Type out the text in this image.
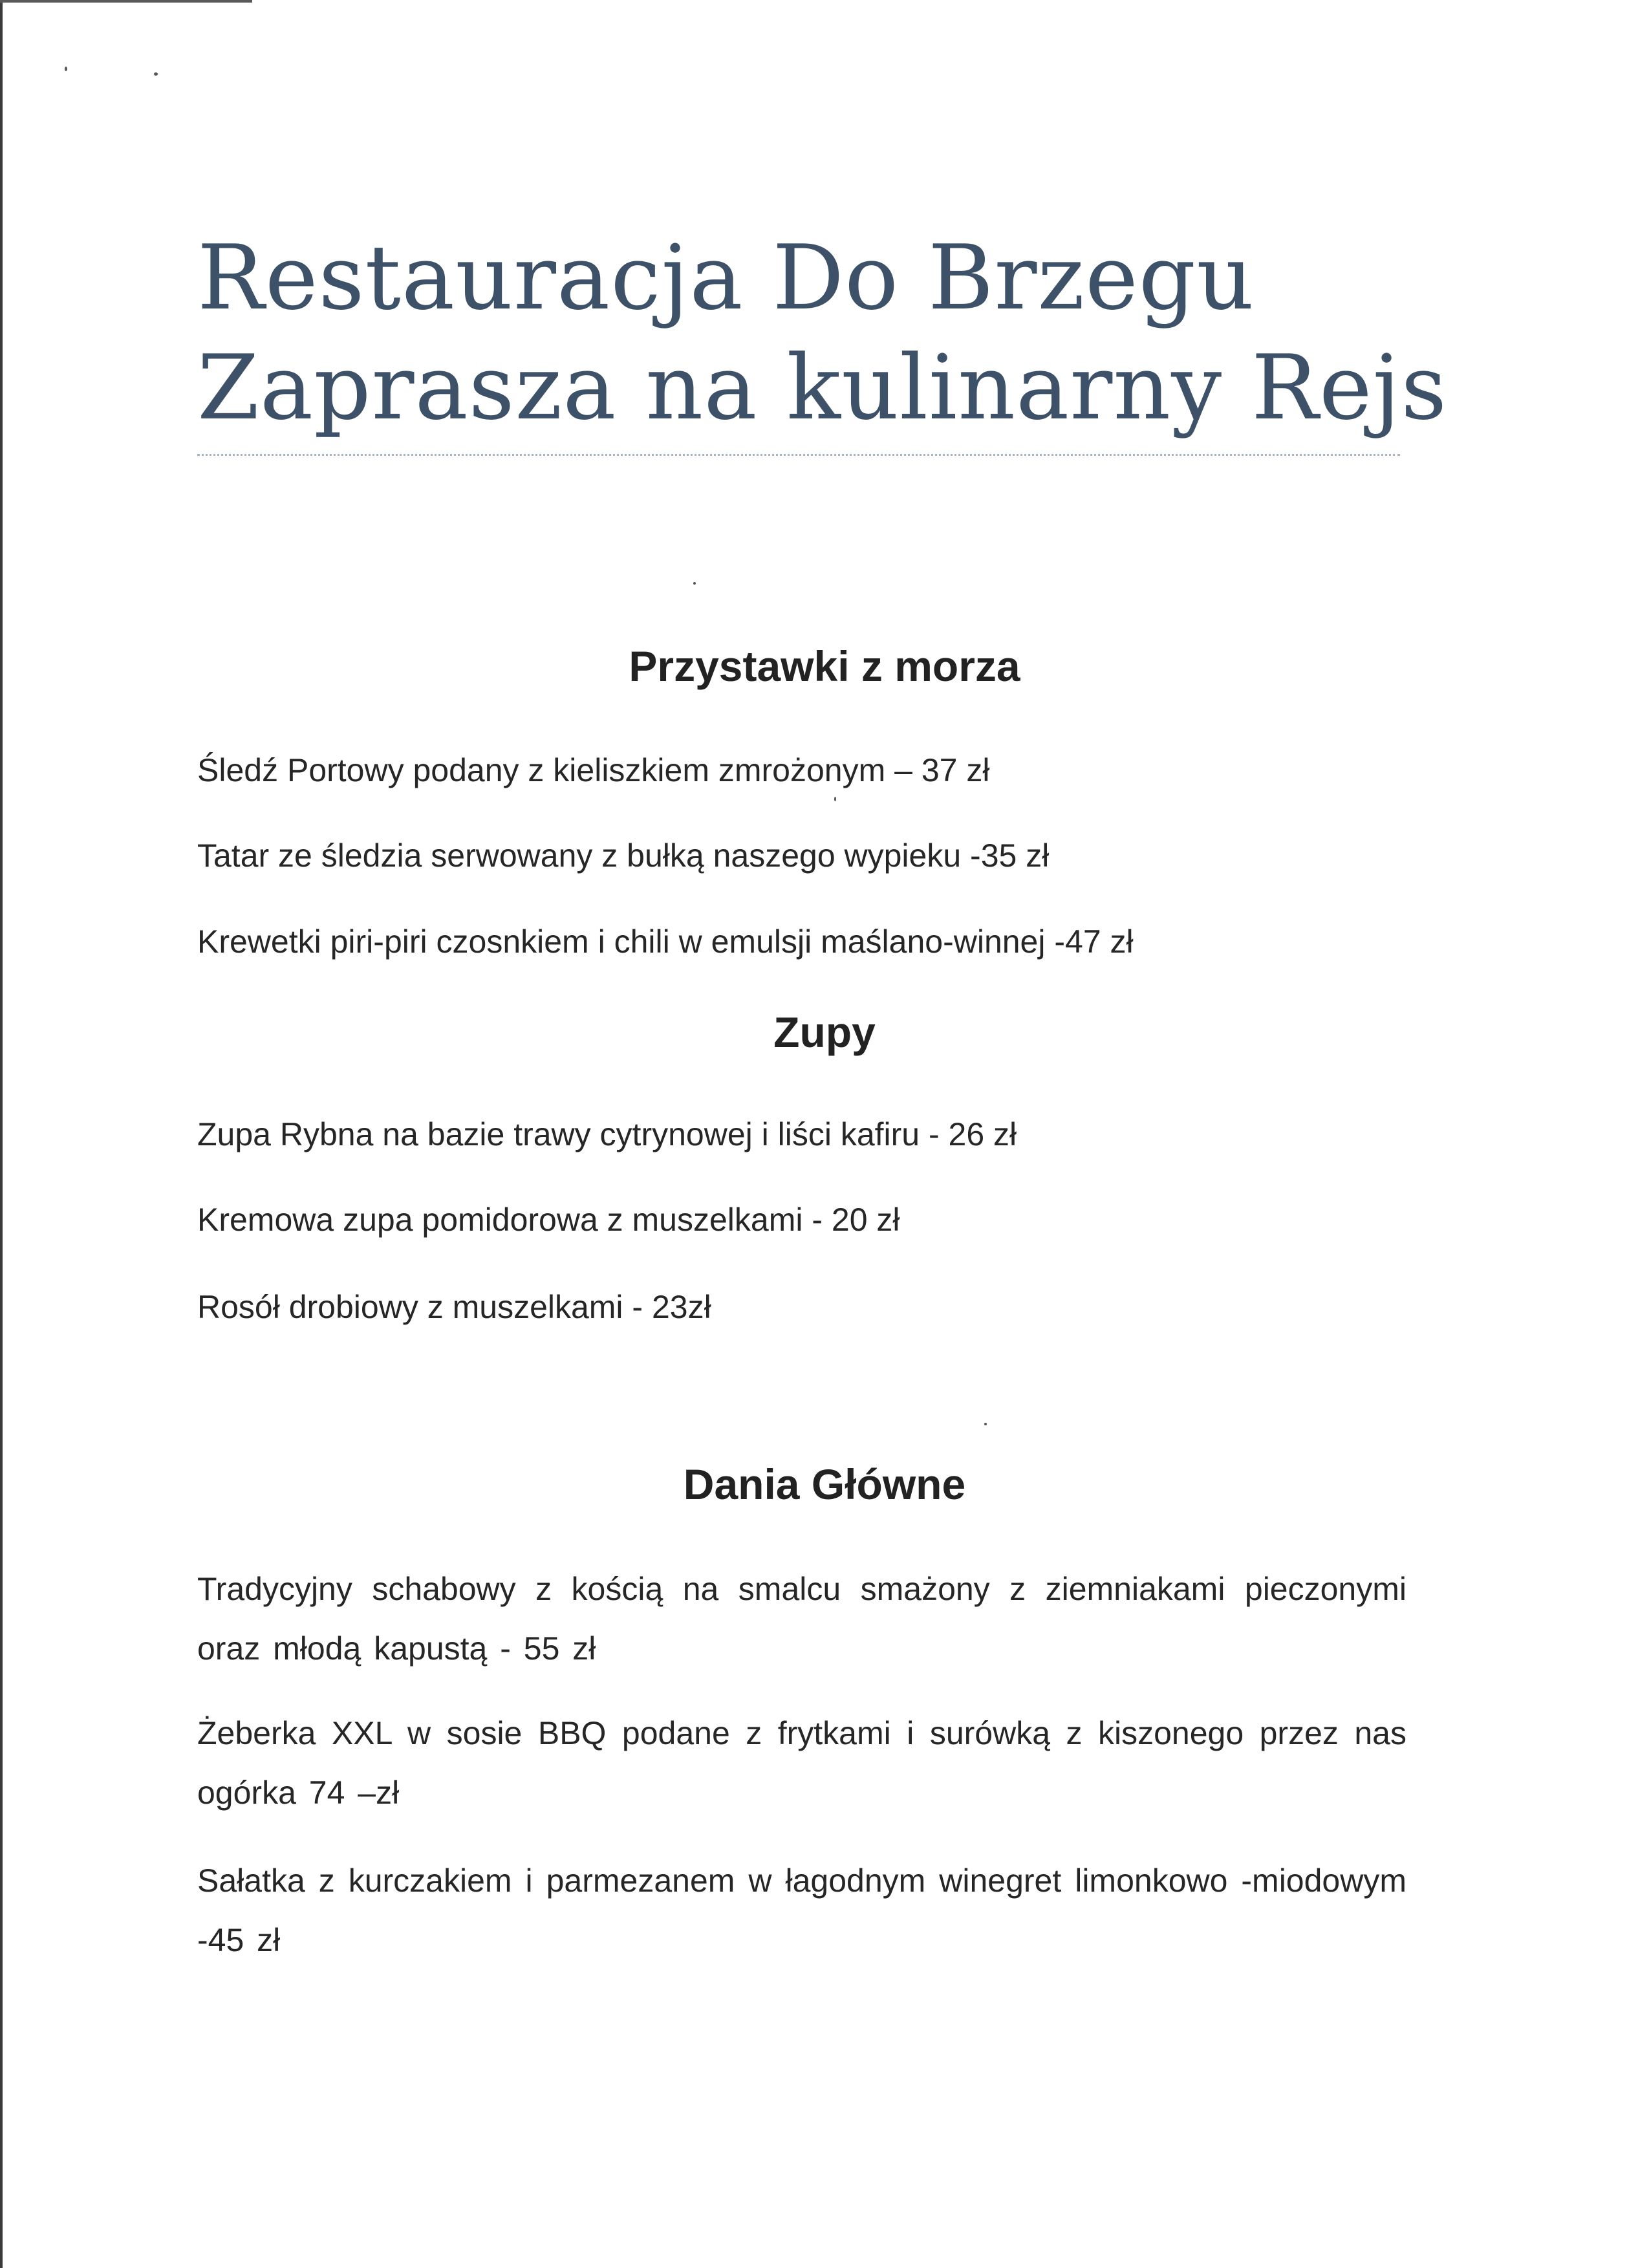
Restauracja Do Brzegu
Zaprasza na kulinarny Rejs
Przystawki z morza
Śledź Portowy podany z kieliszkiem zmrożonym – 37 zł
Tatar ze śledzia serwowany z bułką naszego wypieku -35 zł
Krewetki piri-piri czosnkiem i chili w emulsji maślano-winnej -47 zł
Zupy
Zupa Rybna na bazie trawy cytrynowej i liści kafiru - 26 zł
Kremowa zupa pomidorowa z muszelkami - 20 zł
Rosół drobiowy z muszelkami - 23zł
Dania Główne
Tradycyjny schabowy z kością na smalcu smażony z ziemniakami pieczonymi oraz młodą kapustą - 55 zł
Żeberka XXL w sosie BBQ podane z frytkami i surówką z kiszonego przez nas ogórka 74 –zł
Sałatka z kurczakiem i parmezanem w łagodnym winegret limonkowo -miodowym -45 zł
